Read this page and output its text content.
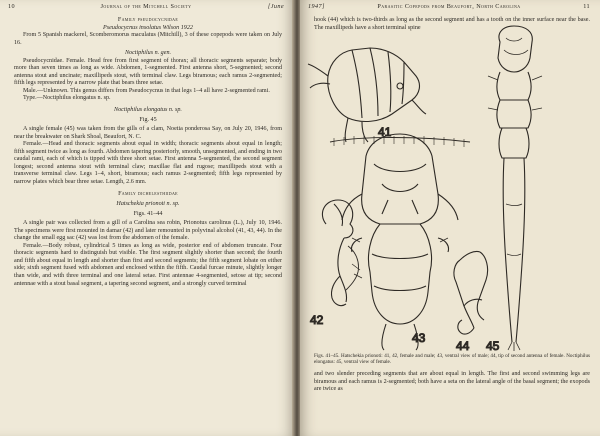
10	Journal of the Mitchell Society	[June

Family pseudocycnidae

Pseudocycnus insolatus Wilson 1922

From 5 Spanish mackerel, Scomberomorus maculatus (Mitchill), 3 of these copepods were taken on July 16.

Noctiphilus n. gen.

Pseudocycnidae. Female. Head free from first segment of thorax; all thoracic segments separate; body more than seven times as long as wide. Abdomen, 1-segmented. First antenna short, 5-segmented; second antenna stout and uncinate; maxillipeds stout, with terminal claw. Legs biramous; each ramus 2-segmented; fifth legs represented by a narrow plate that bears three setae.

Male.—Unknown. This genus differs from Pseudocycnus in that legs 1–4 all have 2-segmented rami.

Type.—Noctiphilus elongatus n. sp.

Noctiphilus elongatus n. sp.

Fig. 45

A single female (45) was taken from the gills of a clam, Noetia ponderosa Say, on July 20, 1946, from near the breakwater on Shark Shoal, Beaufort, N. C.

Female.—Head and thoracic segments about equal in width; thoracic segments about equal in length; fifth segment twice as long as fourth. Abdomen tapering posteriorly, smooth, unsegmented, and ending in two caudal rami, each of which is tipped with three short setae. First antenna 5-segmented, the second segment longest; second antenna stout with terminal claw; maxillae flat and rugose; maxillipeds stout with a transverse terminal claw. Legs 1–4, short, biramous; each ramus 2-segmented; fifth legs represented by narrow plates which bear three setae. Length, 2.6 mm.

Family dichelesthiidae

Hatschekia prionoti n. sp.

Figs. 41–44

A single pair was collected from a gill of a Carolina sea robin, Prionotus carolinus (L.), July 10, 1946. The specimens were first mounted in damar (42) and later remounted in polyvinal alcohol (41, 43, 44). In the change the small egg sac (42) was lost from the abdomen of the female.

Female.—Body robust, cylindrical 5 times as long as wide, posterior end of abdomen truncate. Four thoracic segments hard to distinguish but visible. The first segment slightly shorter than second; the fourth and fifth about equal in length and shorter than first and second segments; the fifth segment lobate on either side; sixth segment fused with abdomen and enclosed within the fifth. Caudal furcae minute, slightly longer than wide, and with three terminal and one lateral setae. First antennae 4-segmented, setose at tip; second antennae with a stout basal segment, a tapering second segment, and a strongly curved terminal

1947]	Parasitic Copepods from Beaufort, North Carolina	11

hook (44) which is two-thirds as long as the second segment and has a tooth on the inner surface near the base. The maxillipeds have a short terminal spine

Figs. 41–45. Hatschekia prionoti: 41, 42, female and male; 43, ventral view of male; 44, tip of second antenna of female. Noctiphilus elongatus: 45, ventral view of female.

and two slender preceding segments that are about equal in length. The first and second swimming legs are biramous and each ramus is 2-segmented; both have a seta on the lateral angle of the basal segment; the exopods are twice as

41
42
43
44 45
